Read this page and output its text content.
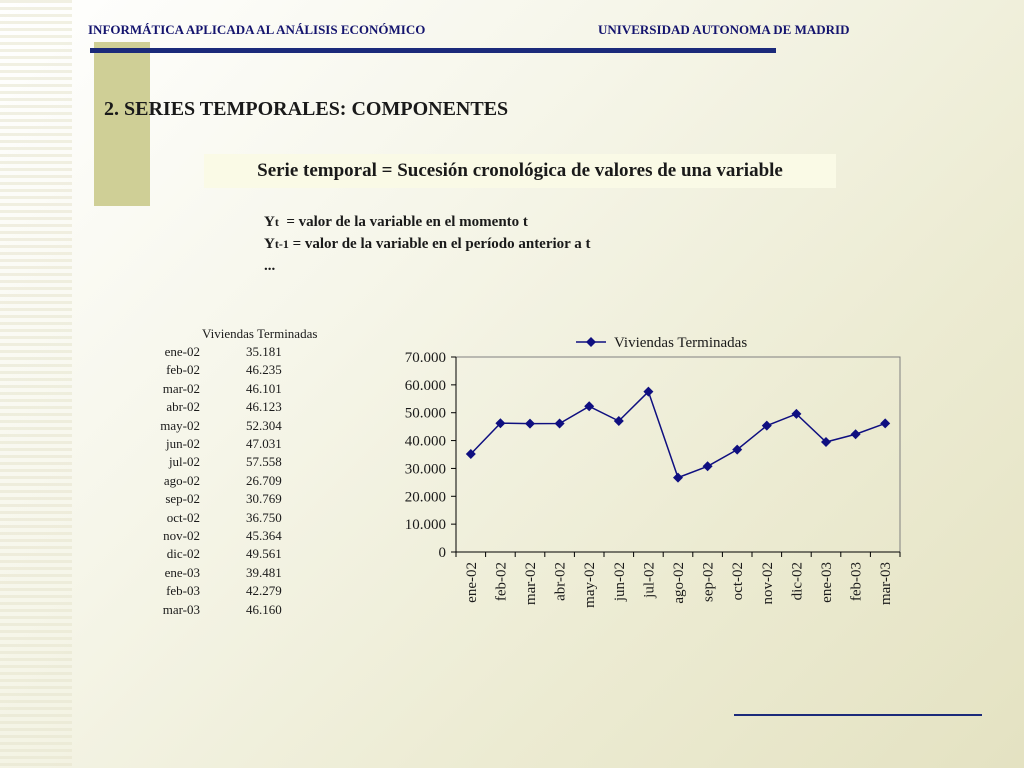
INFORMÁTICA APLICADA AL ANÁLISIS ECONÓMICO	UNIVERSIDAD AUTONOMA DE MADRID
2. SERIES TEMPORALES: COMPONENTES
Serie temporal = Sucesión cronológica de valores de una variable
Yt  = valor de la variable en el momento t
Yt-1 = valor de la variable en el período anterior a t
...
Viviendas Terminadas
ene-02	35.181
feb-02	46.235
mar-02	46.101
abr-02	46.123
may-02	52.304
jun-02	47.031
jul-02	57.558
ago-02	26.709
sep-02	30.769
oct-02	36.750
nov-02	45.364
dic-02	49.561
ene-03	39.481
feb-03	42.279
mar-03	46.160
0
10.000
20.000
30.000
40.000
50.000
60.000
70.000
ene-02 feb-02 mar-02 abr-02 may-02 jun-02 jul-02 ago-02 sep-02 oct-02 nov-02 dic-02 ene-03 feb-03 mar-03
Viviendas Terminadas
